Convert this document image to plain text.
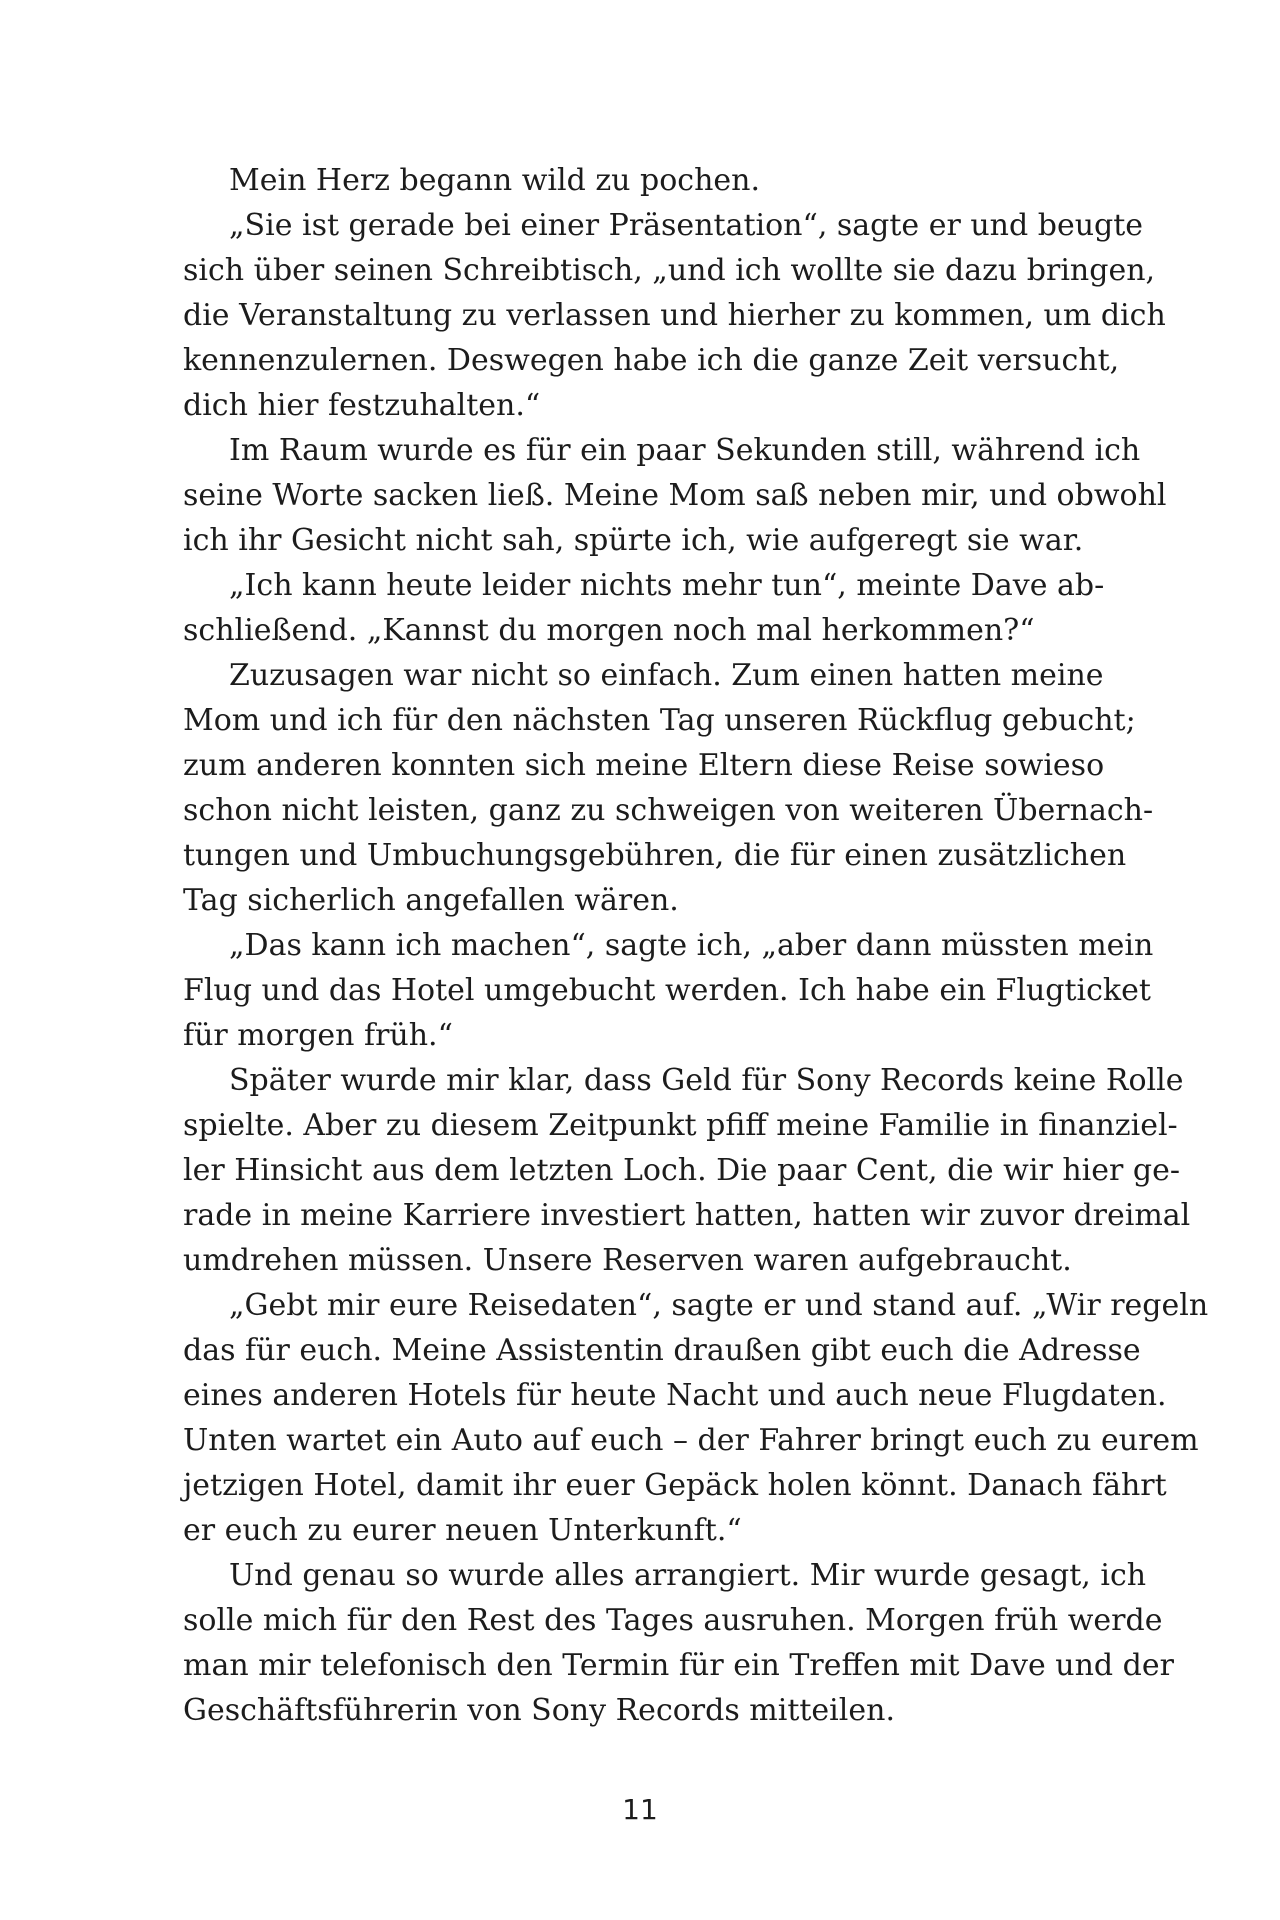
Mein Herz begann wild zu pochen.
„Sie ist gerade bei einer Präsentation“, sagte er und beugte
sich über seinen Schreibtisch, „und ich wollte sie dazu bringen,
die Veranstaltung zu verlassen und hierher zu kommen, um dich
kennenzulernen. Deswegen habe ich die ganze Zeit versucht,
dich hier festzuhalten.“
Im Raum wurde es für ein paar Sekunden still, während ich
seine Worte sacken ließ. Meine Mom saß neben mir, und obwohl
ich ihr Gesicht nicht sah, spürte ich, wie aufgeregt sie war.
„Ich kann heute leider nichts mehr tun“, meinte Dave ab-
schließend. „Kannst du morgen noch mal herkommen?“
Zuzusagen war nicht so einfach. Zum einen hatten meine
Mom und ich für den nächsten Tag unseren Rückflug gebucht;
zum anderen konnten sich meine Eltern diese Reise sowieso
schon nicht leisten, ganz zu schweigen von weiteren Übernach-
tungen und Umbuchungsgebühren, die für einen zusätzlichen
Tag sicherlich angefallen wären.
„Das kann ich machen“, sagte ich, „aber dann müssten mein
Flug und das Hotel umgebucht werden. Ich habe ein Flugticket
für morgen früh.“
Später wurde mir klar, dass Geld für Sony Records keine Rolle
spielte. Aber zu diesem Zeitpunkt pfiff meine Familie in finanziel-
ler Hinsicht aus dem letzten Loch. Die paar Cent, die wir hier ge-
rade in meine Karriere investiert hatten, hatten wir zuvor dreimal
umdrehen müssen. Unsere Reserven waren aufgebraucht.
„Gebt mir eure Reisedaten“, sagte er und stand auf. „Wir regeln
das für euch. Meine Assistentin draußen gibt euch die Adresse
eines anderen Hotels für heute Nacht und auch neue Flugdaten.
Unten wartet ein Auto auf euch – der Fahrer bringt euch zu eurem
jetzigen Hotel, damit ihr euer Gepäck holen könnt. Danach fährt
er euch zu eurer neuen Unterkunft.“
Und genau so wurde alles arrangiert. Mir wurde gesagt, ich
solle mich für den Rest des Tages ausruhen. Morgen früh werde
man mir telefonisch den Termin für ein Treffen mit Dave und der
Geschäftsführerin von Sony Records mitteilen.
11
